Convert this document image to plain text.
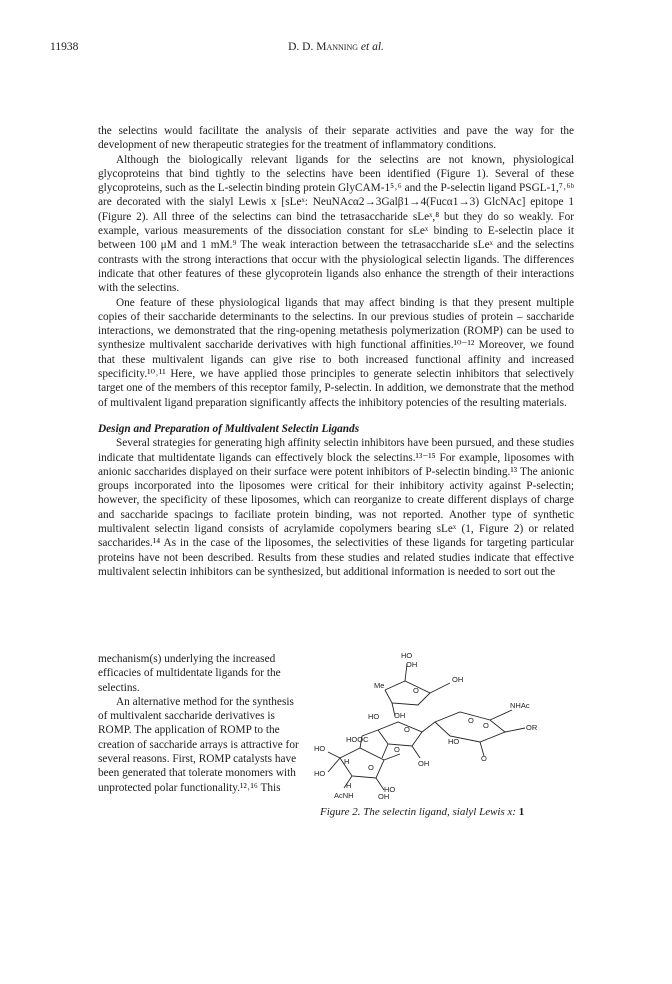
11938	D. D. Manning et al.

the selectins would facilitate the analysis of their separate activities and pave the way for the development of new therapeutic strategies for the treatment of inflammatory conditions.

Although the biologically relevant ligands for the selectins are not known, physiological glycoproteins that bind tightly to the selectins have been identified (Figure 1). Several of these glycoproteins, such as the L-selectin binding protein GlyCAM-1⁵˒⁶ and the P-selectin ligand PSGL-1,⁷˒⁶ᵇ are decorated with the sialyl Lewis x [sLeˣ: NeuNAcα2→3Galβ1→4(Fucα1→3) GlcNAc] epitope 1 (Figure 2). All three of the selectins can bind the tetrasaccharide sLeˣ,⁸ but they do so weakly. For example, various measurements of the dissociation constant for sLeˣ binding to E-selectin place it between 100 μM and 1 mM.⁹ The weak interaction between the tetrasaccharide sLeˣ and the selectins contrasts with the strong interactions that occur with the physiological selectin ligands. The differences indicate that other features of these glycoprotein ligands also enhance the strength of their interactions with the selectins.

One feature of these physiological ligands that may affect binding is that they present multiple copies of their saccharide determinants to the selectins. In our previous studies of protein – saccharide interactions, we demonstrated that the ring-opening metathesis polymerization (ROMP) can be used to synthesize multivalent saccharide derivatives with high functional affinities.¹⁰⁻¹² Moreover, we found that these multivalent ligands can give rise to both increased functional affinity and increased specificity.¹⁰˒¹¹ Here, we have applied those principles to generate selectin inhibitors that selectively target one of the members of this receptor family, P-selectin. In addition, we demonstrate that the method of multivalent ligand preparation significantly affects the inhibitory potencies of the resulting materials.

Design and Preparation of Multivalent Selectin Ligands

Several strategies for generating high affinity selectin inhibitors have been pursued, and these studies indicate that multidentate ligands can effectively block the selectins.¹³⁻¹⁵ For example, liposomes with anionic saccharides displayed on their surface were potent inhibitors of P-selectin binding.¹³ The anionic groups incorporated into the liposomes were critical for their inhibitory activity against P-selectin; however, the specificity of these liposomes, which can reorganize to create different displays of charge and saccharide spacings to faciliate protein binding, was not reported. Another type of synthetic multivalent selectin ligand consists of acrylamide copolymers bearing sLeˣ (1, Figure 2) or related saccharides.¹⁴ As in the case of the liposomes, the selectivities of these ligands for targeting particular proteins have not been described. Results from these studies and related studies indicate that effective multivalent selectin inhibitors can be synthesized, but additional information is needed to sort out the

mechanism(s) underlying the increased efficacies of multidentate ligands for the selectins.

An alternative method for the synthesis of multivalent saccharide derivatives is ROMP. The application of ROMP to the creation of saccharide arrays is attractive for several reasons. First, ROMP catalysts have been generated that tolerate monomers with unprotected polar functionality.¹²˒¹⁶ This

HO
OH
Me
O
OH
HO OH
O
O
NHAc
O	OR
HO
O
OH
HOOC
O
HO
H
O
HO
HO
H
AcNH	OH
Figure 2. The selectin ligand, sialyl Lewis x: 1
